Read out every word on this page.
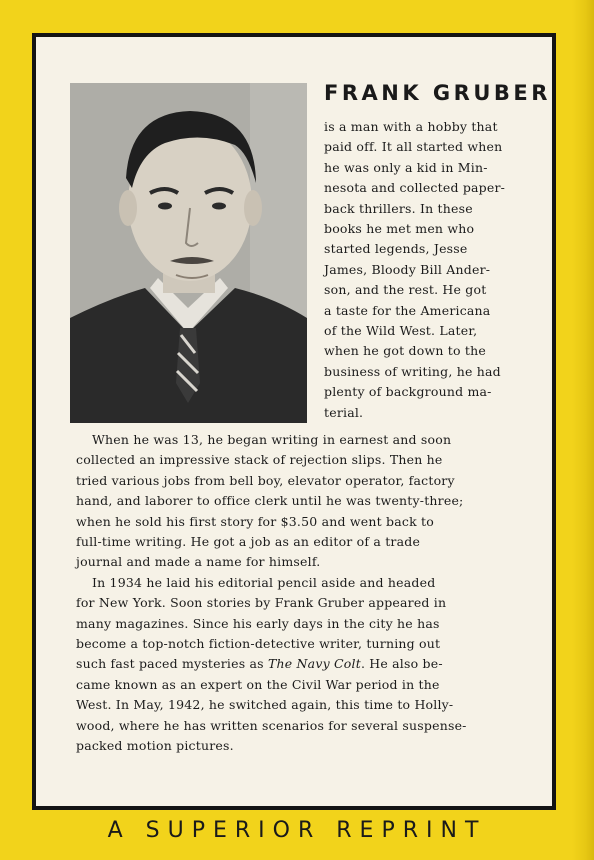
FRANK GRUBER
is a man with a hobby that
paid off. It all started when
he was only a kid in Min-
nesota and collected paper-
back thrillers. In these
books he met men who
started legends, Jesse
James, Bloody Bill Ander-
son, and the rest. He got
a taste for the Americana
of the Wild West. Later,
when he got down to the
business of writing, he had
plenty of background ma-
terial.
When he was 13, he began writing in earnest and soon
collected an impressive stack of rejection slips. Then he
tried various jobs from bell boy, elevator operator, factory
hand, and laborer to office clerk until he was twenty-three;
when he sold his first story for $3.50 and went back to
full-time writing. He got a job as an editor of a trade
journal and made a name for himself.
In 1934 he laid his editorial pencil aside and headed
for New York. Soon stories by Frank Gruber appeared in
many magazines. Since his early days in the city he has
become a top-notch fiction-detective writer, turning out
such fast paced mysteries as The Navy Colt. He also be-
came known as an expert on the Civil War period in the
West. In May, 1942, he switched again, this time to Holly-
wood, where he has written scenarios for several suspense-
packed motion pictures.

A SUPERIOR REPRINT
